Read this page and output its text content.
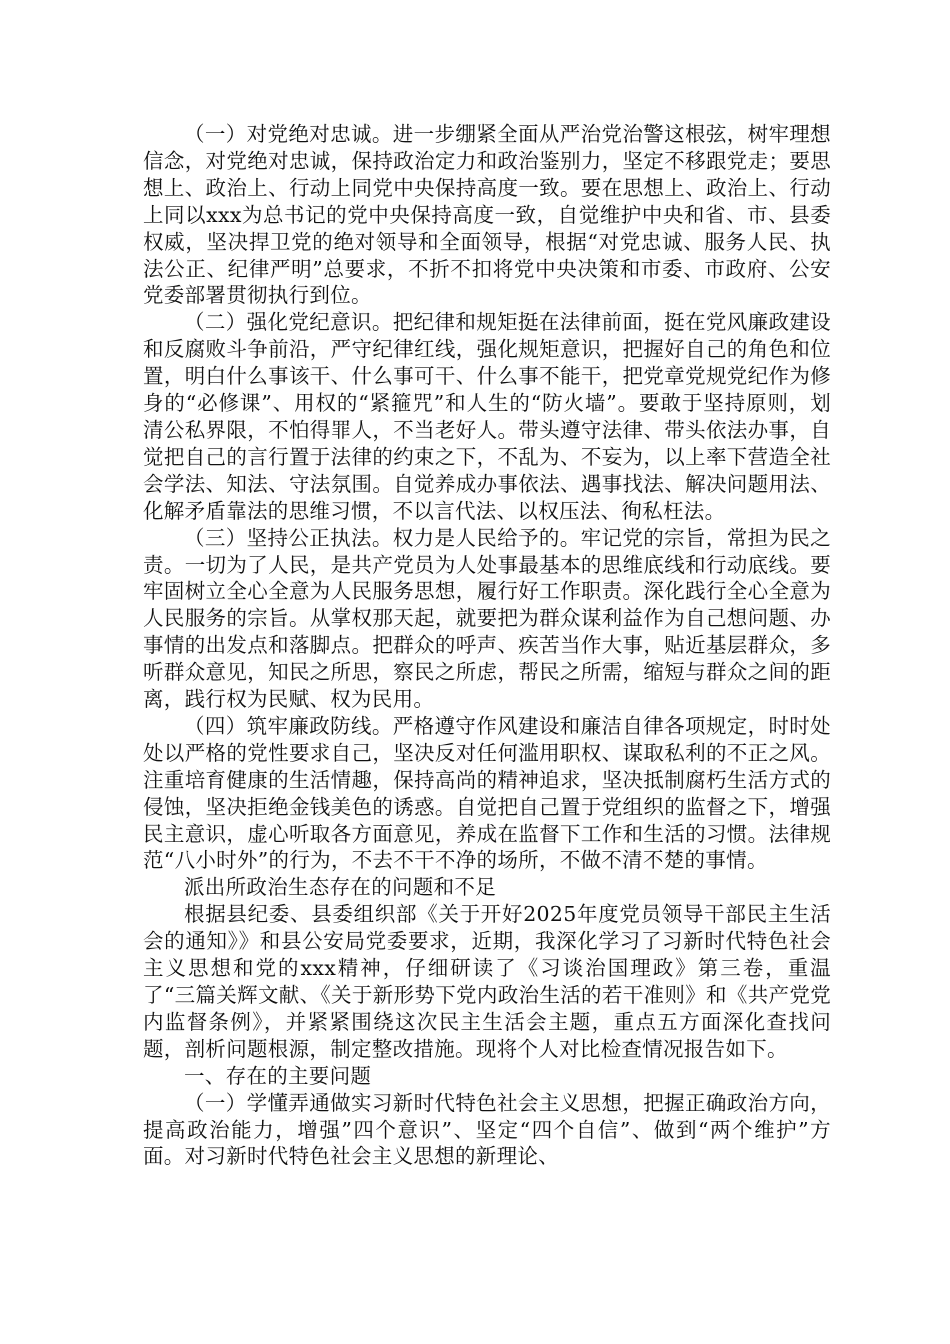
（一）对党绝对忠诚。进一步绷紧全面从严治党治警这根弦，树牢理想信念，对党绝对忠诚，保持政治定力和政治鉴别力，坚定不移跟党走；要思想上、政治上、行动上同党中央保持高度一致。要在思想上、政治上、行动上同以xxx为总书记的党中央保持高度一致，自觉维护中央和省、市、县委权威，坚决捍卫党的绝对领导和全面领导，根据“对党忠诚、服务人民、执法公正、纪律严明”总要求，不折不扣将党中央决策和市委、市政府、公安党委部署贯彻执行到位。

（二）强化党纪意识。把纪律和规矩挺在法律前面，挺在党风廉政建设和反腐败斗争前沿，严守纪律红线，强化规矩意识，把握好自己的角色和位置，明白什么事该干、什么事可干、什么事不能干，把党章党规党纪作为修身的“必修课”、用权的“紧箍咒”和人生的“防火墙”。要敢于坚持原则，划清公私界限，不怕得罪人，不当老好人。带头遵守法律、带头依法办事，自觉把自己的言行置于法律的约束之下，不乱为、不妄为，以上率下营造全社会学法、知法、守法氛围。自觉养成办事依法、遇事找法、解决问题用法、化解矛盾靠法的思维习惯，不以言代法、以权压法、徇私枉法。

（三）坚持公正执法。权力是人民给予的。牢记党的宗旨，常担为民之责。一切为了人民，是共产党员为人处事最基本的思维底线和行动底线。要牢固树立全心全意为人民服务思想，履行好工作职责。深化践行全心全意为人民服务的宗旨。从掌权那天起，就要把为群众谋利益作为自己想问题、办事情的出发点和落脚点。把群众的呼声、疾苦当作大事，贴近基层群众，多听群众意见，知民之所思，察民之所虑，帮民之所需，缩短与群众之间的距离，践行权为民赋、权为民用。

（四）筑牢廉政防线。严格遵守作风建设和廉洁自律各项规定，时时处处以严格的党性要求自己，坚决反对任何滥用职权、谋取私利的不正之风。注重培育健康的生活情趣，保持高尚的精神追求，坚决抵制腐朽生活方式的侵蚀，坚决拒绝金钱美色的诱惑。自觉把自己置于党组织的监督之下，增强民主意识，虚心听取各方面意见，养成在监督下工作和生活的习惯。法律规范“八小时外”的行为，不去不干不净的场所，不做不清不楚的事情。

派出所政治生态存在的问题和不足

根据县纪委、县委组织部《关于开好2025年度党员领导干部民主生活会的通知》》和县公安局党委要求，近期，我深化学习了习新时代特色社会主义思想和党的xxx精神，仔细研读了《习谈治国理政》第三卷，重温了“三篇关辉文献、《关于新形势下党内政治生活的若干准则》和《共产党党内监督条例》，并紧紧围绕这次民主生活会主题，重点五方面深化查找问题，剖析问题根源，制定整改措施。现将个人对比检查情况报告如下。

一、存在的主要问题

（一）学懂弄通做实习新时代特色社会主义思想，把握正确政治方向，提高政治能力，增强”四个意识”、坚定“四个自信”、做到“两个维护”方面。对习新时代特色社会主义思想的新理论、
